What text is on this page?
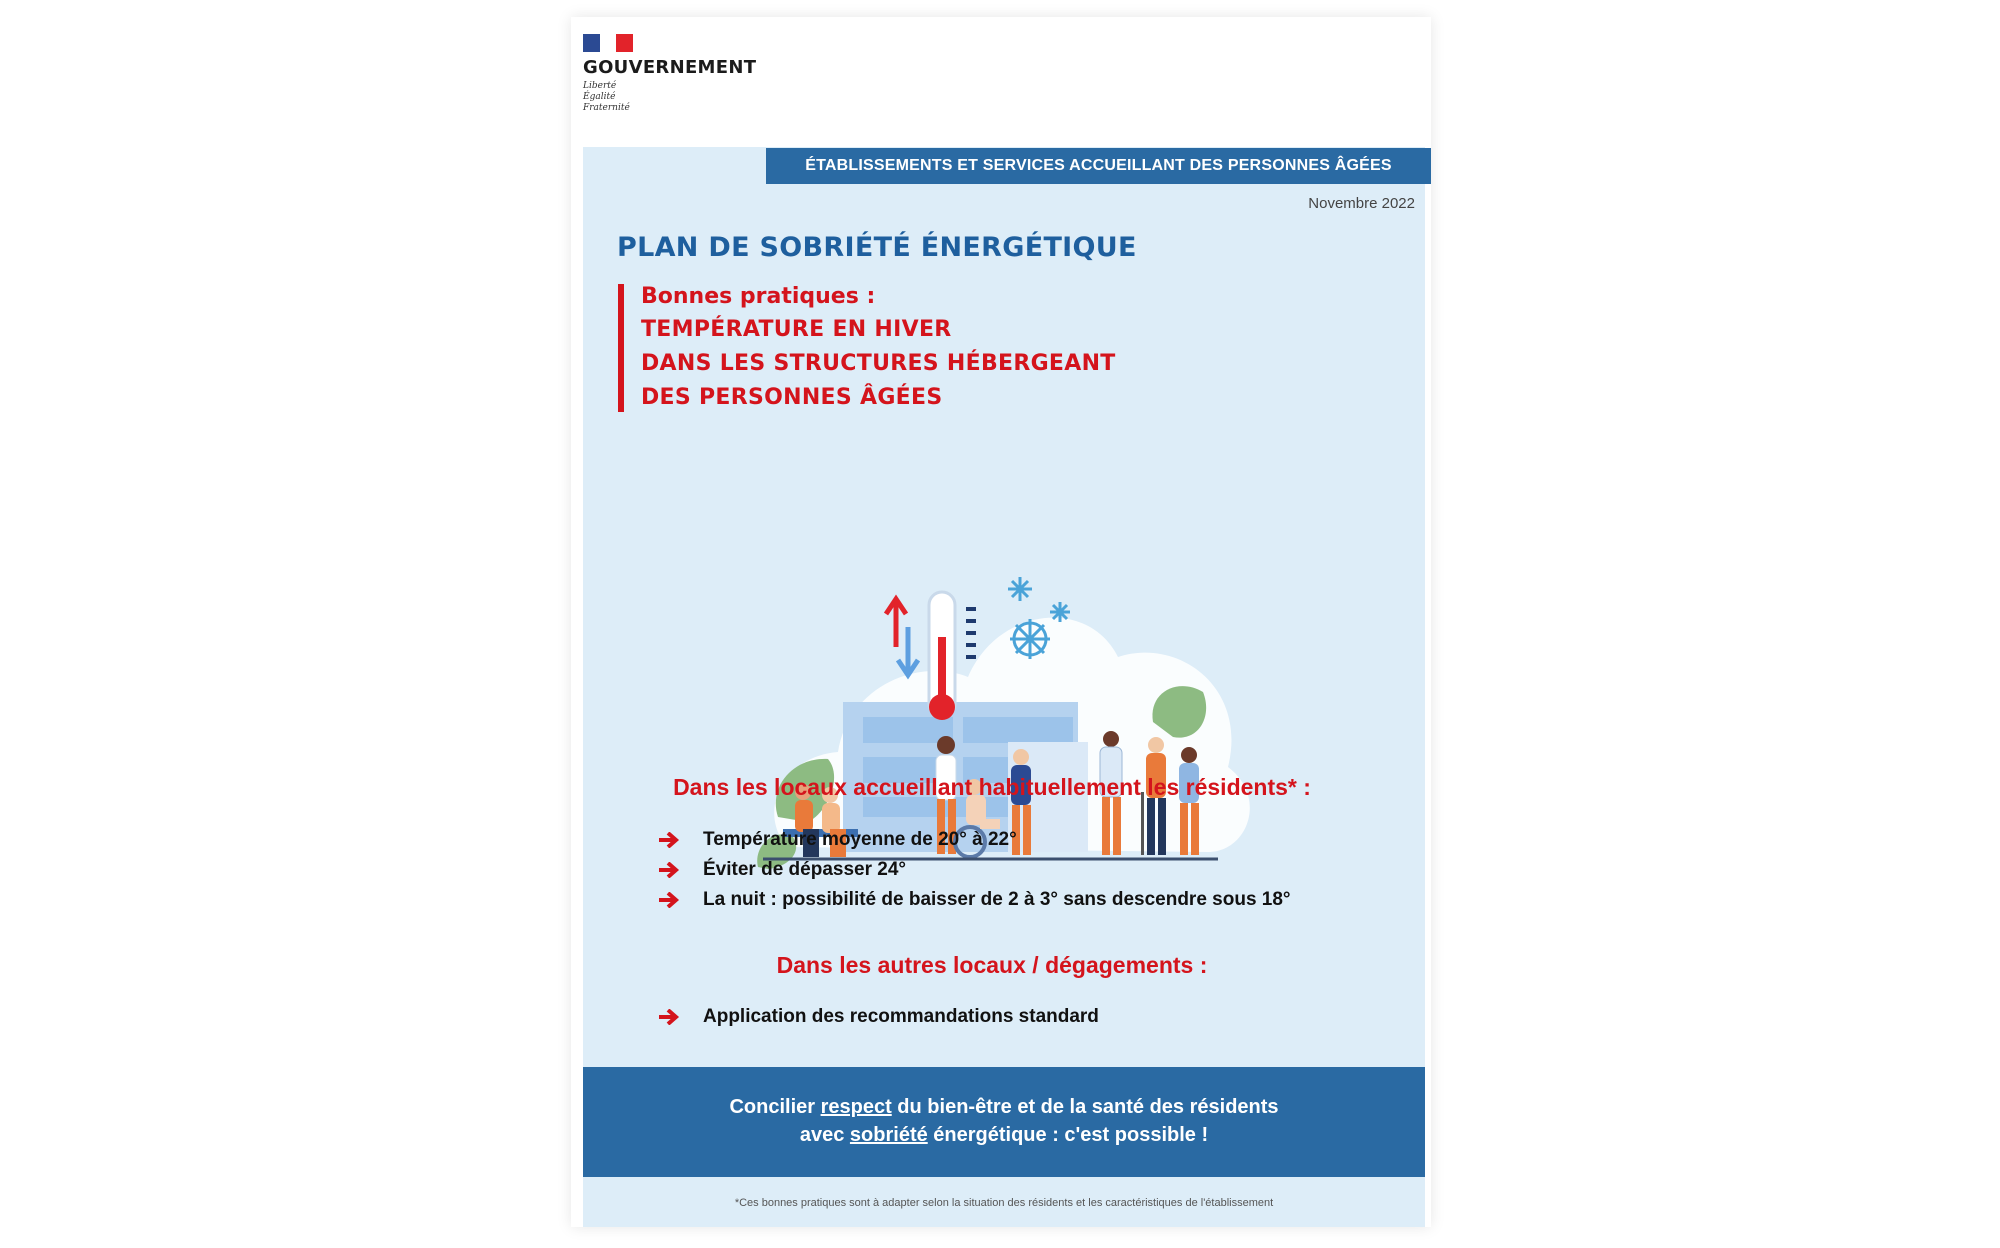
GOUVERNEMENT
Liberté
Égalité
Fraternité
ÉTABLISSEMENTS ET SERVICES ACCUEILLANT DES PERSONNES ÂGÉES
Novembre 2022
PLAN DE SOBRIÉTÉ ÉNERGÉTIQUE
Bonnes pratiques :
TEMPÉRATURE EN HIVER
DANS LES STRUCTURES HÉBERGEANT
DES PERSONNES ÂGÉES
Dans les locaux accueillant habituellement les résidents* :
Température moyenne de 20° à 22°
Éviter de dépasser 24°
La nuit : possibilité de baisser de 2 à 3° sans descendre sous 18°
Dans les autres locaux / dégagements :
Application des recommandations standard
Concilier respect du bien-être et de la santé des résidents
avec sobriété énergétique : c'est possible !
*Ces bonnes pratiques sont à adapter selon la situation des résidents et les caractéristiques de l'établissement
